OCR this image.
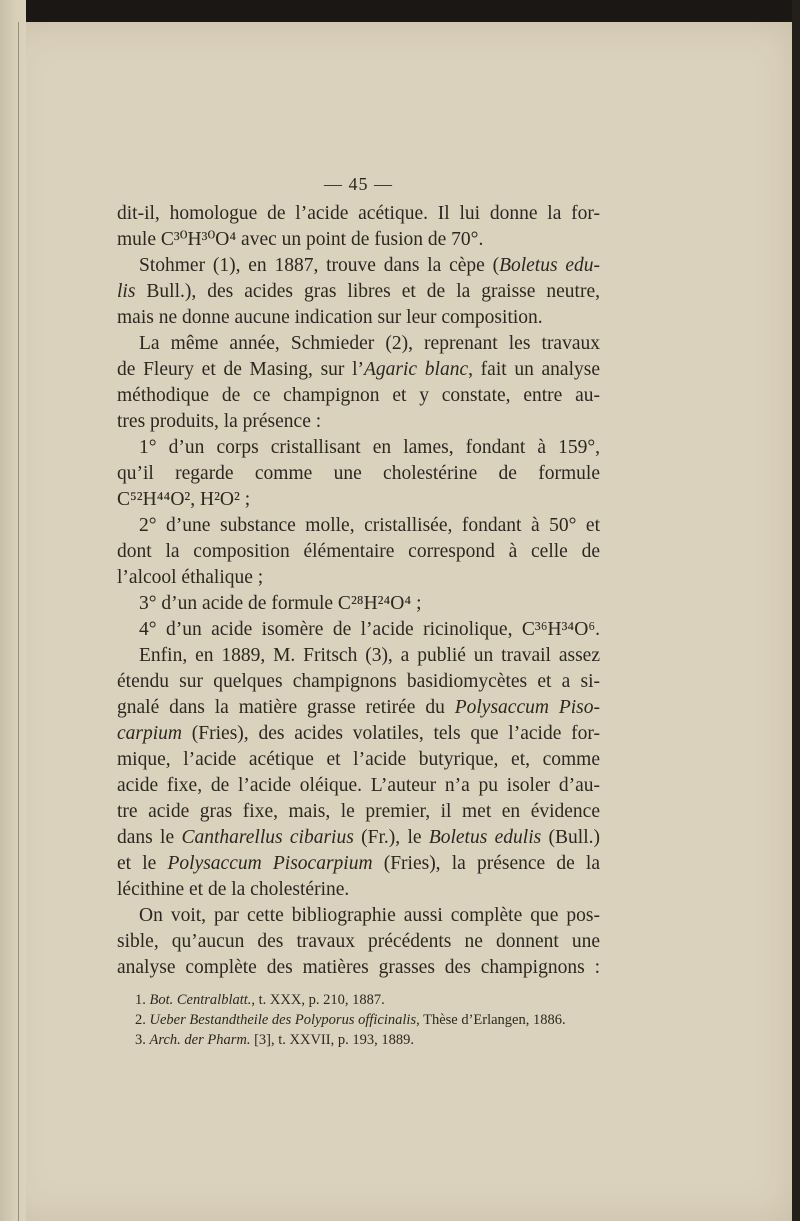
— 45 —
dit-il, homologue de l’acide acétique. Il lui donne la for-
mule C³⁰H³⁰O⁴ avec un point de fusion de 70°.
Stohmer (1), en 1887, trouve dans la cèpe (Boletus edu-
lis Bull.), des acides gras libres et de la graisse neutre,
mais ne donne aucune indication sur leur composition.
La même année, Schmieder (2), reprenant les travaux
de Fleury et de Masing, sur l’Agaric blanc, fait un analyse
méthodique de ce champignon et y constate, entre au-
tres produits, la présence :
1° d’un corps cristallisant en lames, fondant à 159°,
qu’il regarde comme une cholestérine de formule
C⁵²H⁴⁴O², H²O² ;
2° d’une substance molle, cristallisée, fondant à 50° et
dont la composition élémentaire correspond à celle de
l’alcool éthalique ;
3° d’un acide de formule C²⁸H²⁴O⁴ ;
4° d’un acide isomère de l’acide ricinolique, C³⁶H³⁴O⁶.
Enfin, en 1889, M. Fritsch (3), a publié un travail assez
étendu sur quelques champignons basidiomycètes et a si-
gnalé dans la matière grasse retirée du Polysaccum Piso-
carpium (Fries), des acides volatiles, tels que l’acide for-
mique, l’acide acétique et l’acide butyrique, et, comme
acide fixe, de l’acide oléique. L’auteur n’a pu isoler d’au-
tre acide gras fixe, mais, le premier, il met en évidence
dans le Cantharellus cibarius (Fr.), le Boletus edulis (Bull.)
et le Polysaccum Pisocarpium (Fries), la présence de la
lécithine et de la cholestérine.
On voit, par cette bibliographie aussi complète que pos-
sible, qu’aucun des travaux précédents ne donnent une
analyse complète des matières grasses des champignons :
1. Bot. Centralblatt., t. XXX, p. 210, 1887.
2. Ueber Bestandtheile des Polyporus officinalis, Thèse d’Erlangen, 1886.
3. Arch. der Pharm. [3], t. XXVII, p. 193, 1889.
